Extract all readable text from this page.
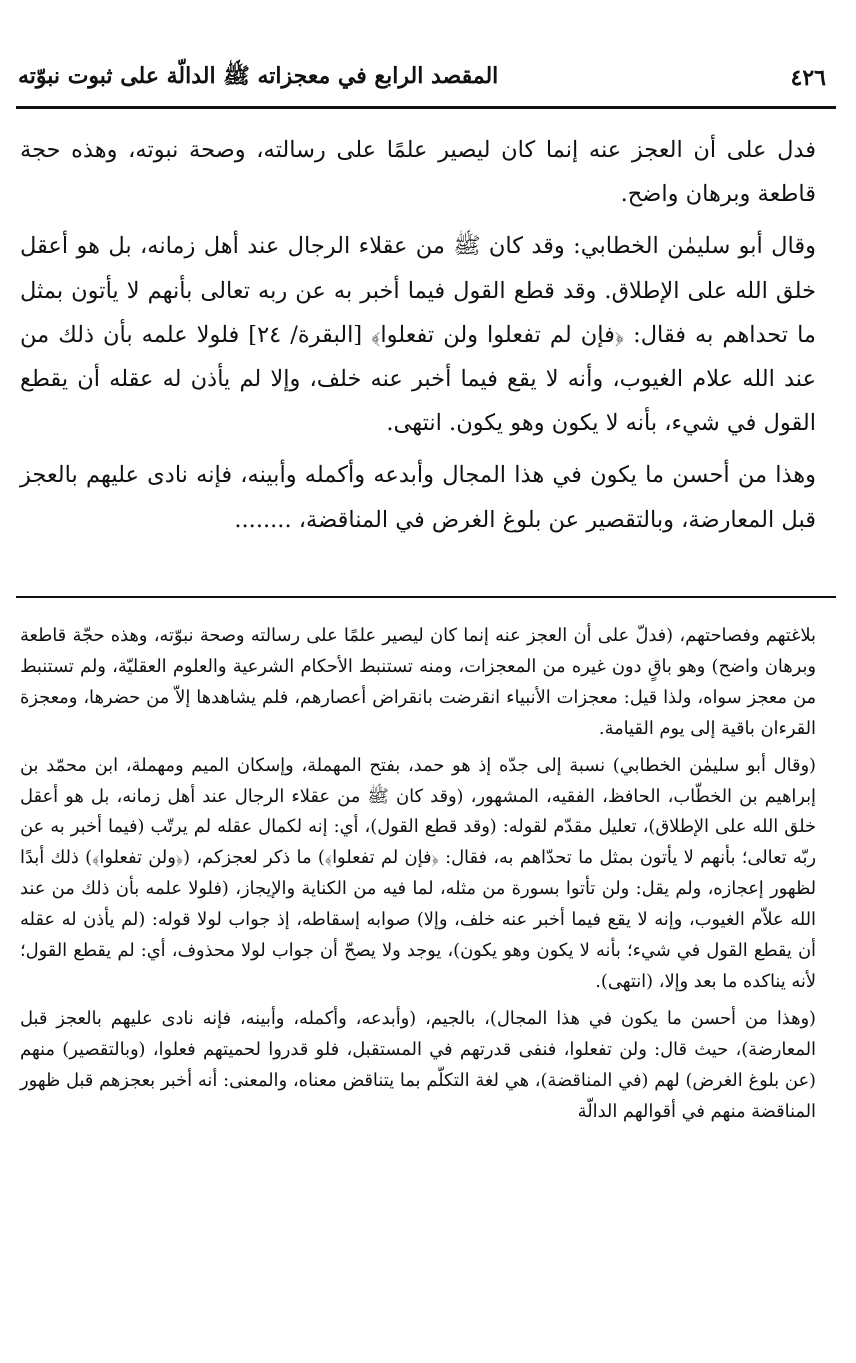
٤٢٦
المقصد الرابع في معجزاته ﷺ الدالّة على ثبوت نبوّته

فدل على أن العجز عنه إنما كان ليصير علمًا على رسالته، وصحة نبوته، وهذه حجة قاطعة وبرهان واضح.

وقال أبو سليمٰن الخطابي: وقد كان ﷺ من عقلاء الرجال عند أهل زمانه، بل هو أعقل خلق الله على الإطلاق. وقد قطع القول فيما أخبر به عن ربه تعالى بأنهم لا يأتون بمثل ما تحداهم به فقال: ﴿فإن لم تفعلوا ولن تفعلوا﴾ [البقرة/ ٢٤] فلولا علمه بأن ذلك من عند الله علام الغيوب، وأنه لا يقع فيما أخبر عنه خلف، وإلا لم يأذن له عقله أن يقطع القول في شيء، بأنه لا يكون وهو يكون. انتهى.

وهذا من أحسن ما يكون في هذا المجال وأبدعه وأكمله وأبينه، فإنه نادى عليهم بالعجز قبل المعارضة، وبالتقصير عن بلوغ الغرض في المناقضة، ........

بلاغتهم وفصاحتهم، (فدلّ على أن العجز عنه إنما كان ليصير علمًا على رسالته وصحة نبوّته، وهذه حجّة قاطعة وبرهان واضح) وهو باقٍ دون غيره من المعجزات، ومنه تستنبط الأحكام الشرعية والعلوم العقليّة، ولم تستنبط من معجز سواه، ولذا قيل: معجزات الأنبياء انقرضت بانقراض أعصارهم، فلم يشاهدها إلاّ من حضرها، ومعجزة القرءان باقية إلى يوم القيامة.

(وقال أبو سليمٰن الخطابي) نسبة إلى جدّه إذ هو حمد، بفتح المهملة، وإسكان الميم ومهملة، ابن محمّد بن إبراهيم بن الخطّاب، الحافظ، الفقيه، المشهور، (وقد كان ﷺ من عقلاء الرجال عند أهل زمانه، بل هو أعقل خلق الله على الإطلاق)، تعليل مقدّم لقوله: (وقد قطع القول)، أي: إنه لكمال عقله لم يرتّب (فيما أخبر به عن ربّه تعالى؛ بأنهم لا يأتون بمثل ما تحدّاهم به، فقال: ﴿فإن لم تفعلوا﴾) ما ذكر لعجزكم، (﴿ولن تفعلوا﴾) ذلك أبدًا لظهور إعجازه، ولم يقل: ولن تأتوا بسورة من مثله، لما فيه من الكناية والإيجاز، (فلولا علمه بأن ذلك من عند الله علاّم الغيوب، وإنه لا يقع فيما أخبر عنه خلف، وإلا) صوابه إسقاطه، إذ جواب لولا قوله: (لم يأذن له عقله أن يقطع القول في شيء؛ بأنه لا يكون وهو يكون)، يوجد ولا يصحّ أن جواب لولا محذوف، أي: لم يقطع القول؛ لأنه يناكده ما بعد وإلا، (انتهى).

(وهذا من أحسن ما يكون في هذا المجال)، بالجيم، (وأبدعه، وأكمله، وأبينه، فإنه نادى عليهم بالعجز قبل المعارضة)، حيث قال: ولن تفعلوا، فنفى قدرتهم في المستقبل، فلو قدروا لحميتهم فعلوا، (وبالتقصير) منهم (عن بلوغ الغرض) لهم (في المناقضة)، هي لغة التكلّم بما يتناقض معناه، والمعنى: أنه أخبر بعجزهم قبل ظهور المناقضة منهم في أقوالهم الدالّة
